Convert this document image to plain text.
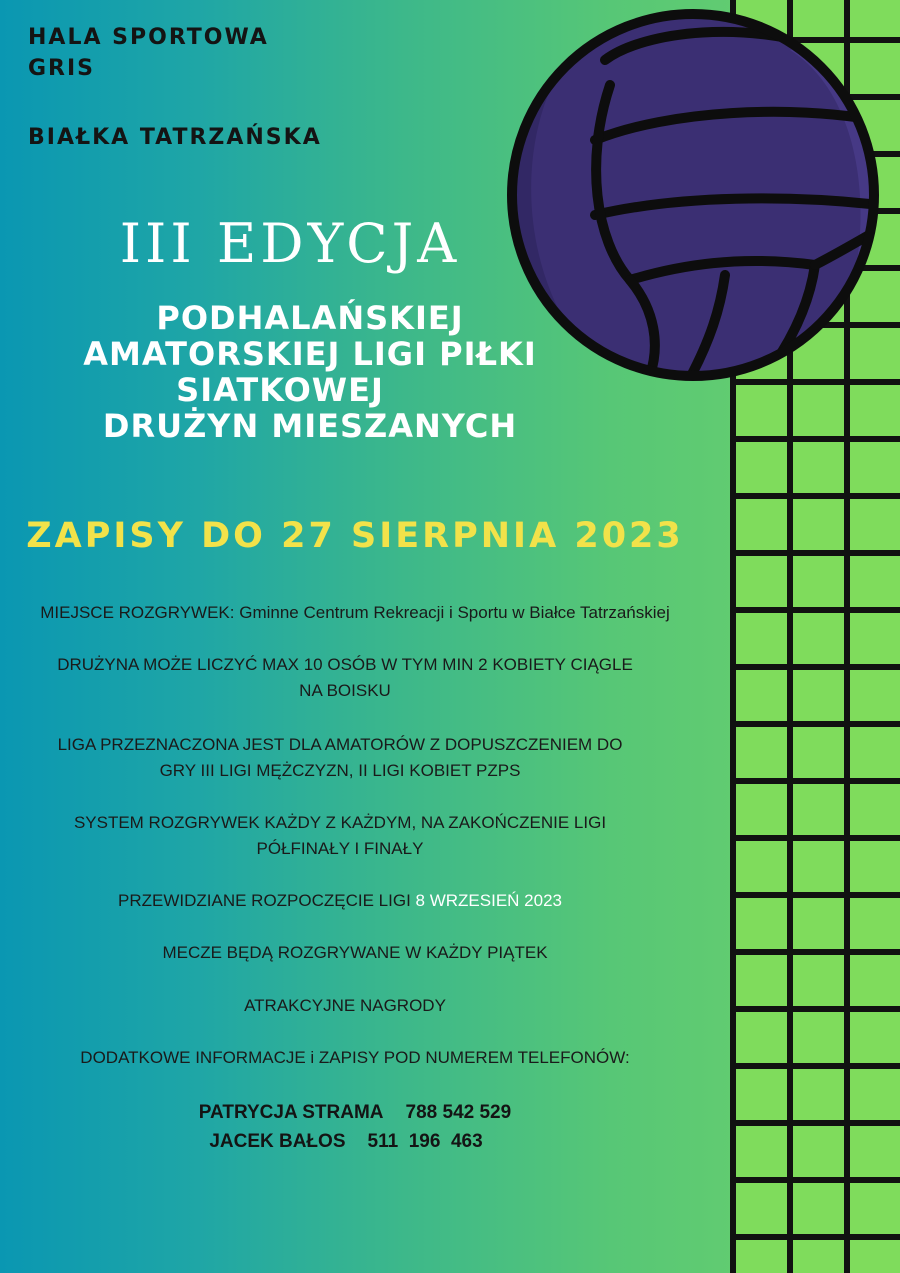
HALA SPORTOWA
GRIS
BIAŁKA TATRZAŃSKA
III EDYCJA
PODHALAŃSKIEJ
AMATORSKIEJ LIGI PIŁKI
SIATKOWEJ
DRUŻYN MIESZANYCH
ZAPISY DO 27 SIERPNIA 2023
MIEJSCE ROZGRYWEK: Gminne Centrum Rekreacji i Sportu w Białce Tatrzańskiej
DRUŻYNA MOŻE LICZYĆ MAX 10 OSÓB W TYM MIN 2 KOBIETY CIĄGLE
NA BOISKU
LIGA PRZEZNACZONA JEST DLA AMATORÓW Z DOPUSZCZENIEM DO
GRY III LIGI MĘŻCZYZN, II LIGI KOBIET PZPS
SYSTEM ROZGRYWEK KAŻDY Z KAŻDYM, NA ZAKOŃCZENIE LIGI
PÓŁFINAŁY I FINAŁY
PRZEWIDZIANE ROZPOCZĘCIE LIGI 8 WRZESIEŃ 2023
MECZE BĘDĄ ROZGRYWANE W KAŻDY PIĄTEK
ATRAKCYJNE NAGRODY
DODATKOWE INFORMACJE i ZAPISY POD NUMEREM TELEFONÓW:
PATRYCJA STRAMA 788 542 529
JACEK BAŁOS 511  196  463
